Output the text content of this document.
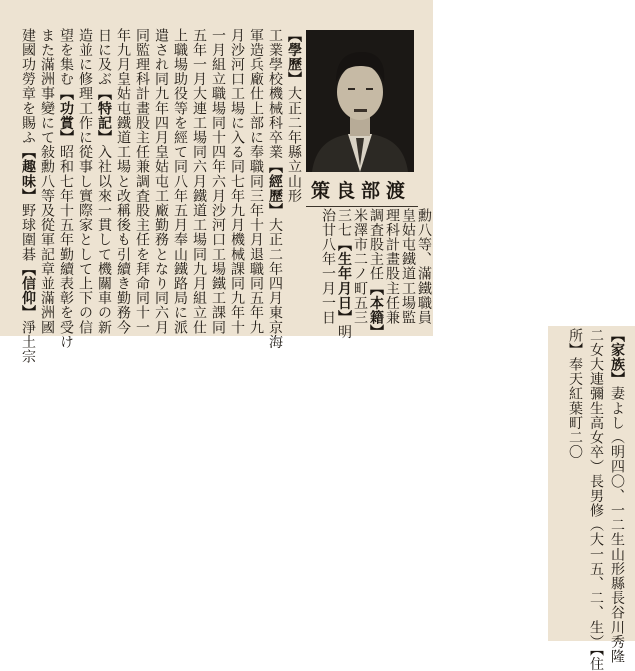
渡部良策
勳八等、滿鐵職員
皇姑屯鐵道工場監
理科計畫股主任兼
調査股主任【本籍】
米澤市二ノ町五三
三七【生年月日】明
治廿八年一月一日
【學歷】大正二年縣立山形
工業學校機械科卒業【經歷】大正二年四月東京海
軍造兵廠仕上部に奉職同三年十月退職同五年九
月沙河口工場に入る同七年九月機械課同九年十
一月組立職場同十四年六月沙河口工場鐵工課同
五年一月大連工場同六月鐵道工場同九月組立仕
上職場助役等を經て同八年五月奉山鐵路局に派
遣され同九年四月皇姑屯工廠勤務となり同六月
同監理科計畫股主任兼調査股主任を拜命同十一
年九月皇姑屯鐵道工場と改稱後も引續き勤務今
日に及ぶ【特記】入社以來一貫して機關車の新
造並に修理工作に從事し實際家として上下の信
望を集む【功賞】昭和七年十五年勤續表彰を受け
また滿洲事變にて敍勳八等及從軍記章並滿洲國
建國功勞章を賜ふ【趣味】野球圍碁【信仰】淨土宗	【家族】妻よし（明四〇、一二生山形縣長谷川秀隆
二女大連彌生高女卒）長男修（大一五、二、生）【住
所】奉天紅葉町二〇
